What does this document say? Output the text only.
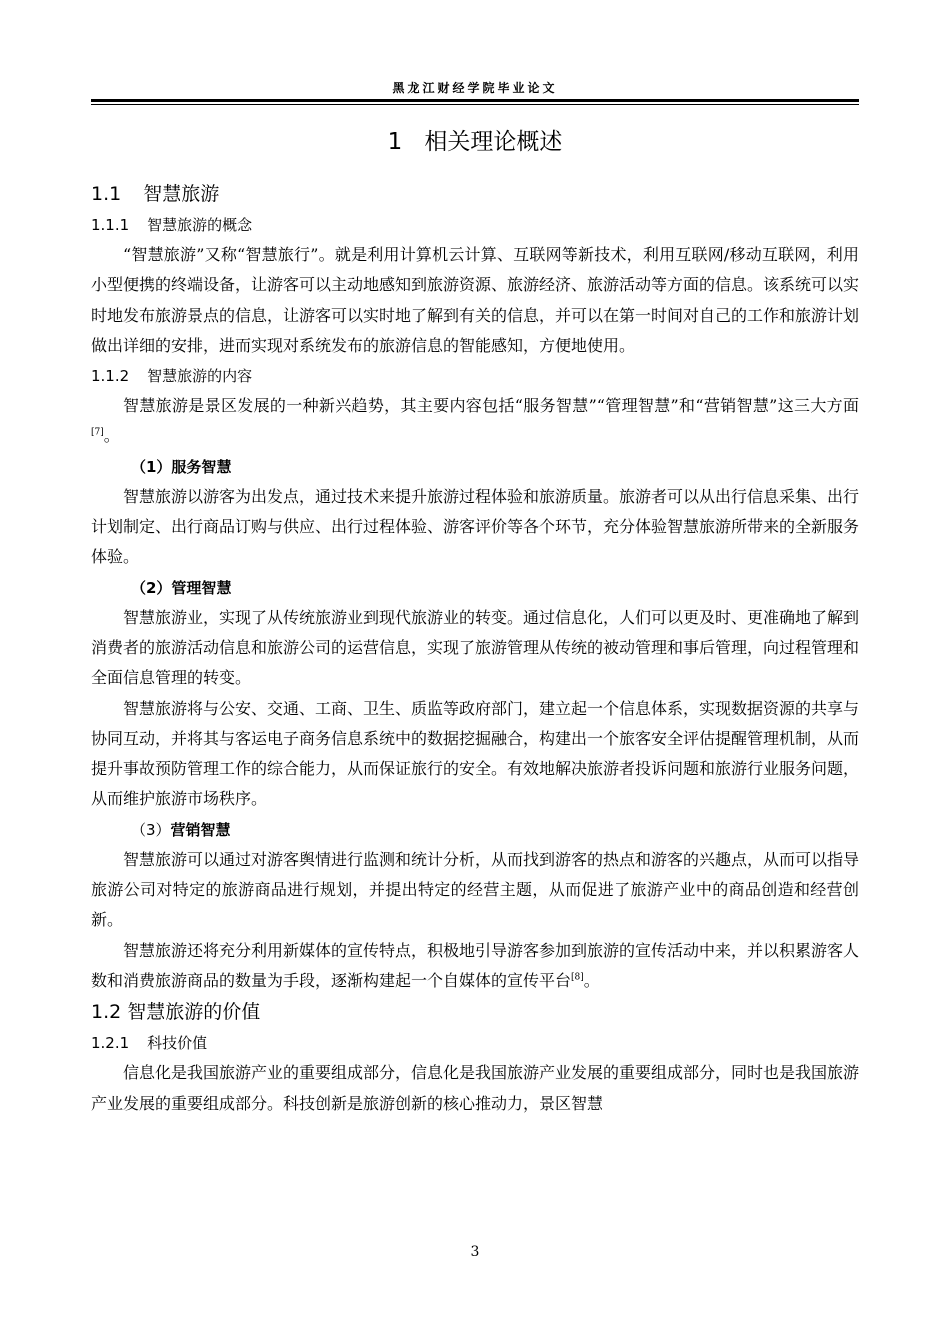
黑龙江财经学院毕业论文
1 相关理论概述
1.1 智慧旅游
1.1.1 智慧旅游的概念

“智慧旅游”又称“智慧旅行”。就是利用计算机云计算、互联网等新技术，利用互联网/移动互联网，利用小型便携的终端设备，让游客可以主动地感知到旅游资源、旅游经济、旅游活动等方面的信息。该系统可以实时地发布旅游景点的信息，让游客可以实时地了解到有关的信息，并可以在第一时间对自己的工作和旅游计划做出详细的安排，进而实现对系统发布的旅游信息的智能感知，方便地使用。

1.1.2 智慧旅游的内容

智慧旅游是景区发展的一种新兴趋势，其主要内容包括“服务智慧”“管理智慧”和“营销智慧”这三大方面[7]。

（1）服务智慧

智慧旅游以游客为出发点，通过技术来提升旅游过程体验和旅游质量。旅游者可以从出行信息采集、出行计划制定、出行商品订购与供应、出行过程体验、游客评价等各个环节，充分体验智慧旅游所带来的全新服务体验。

（2）管理智慧

智慧旅游业，实现了从传统旅游业到现代旅游业的转变。通过信息化，人们可以更及时、更准确地了解到消费者的旅游活动信息和旅游公司的运营信息，实现了旅游管理从传统的被动管理和事后管理，向过程管理和全面信息管理的转变。

智慧旅游将与公安、交通、工商、卫生、质监等政府部门，建立起一个信息体系，实现数据资源的共享与协同互动，并将其与客运电子商务信息系统中的数据挖掘融合，构建出一个旅客安全评估提醒管理机制，从而提升事故预防管理工作的综合能力，从而保证旅行的安全。有效地解决旅游者投诉问题和旅游行业服务问题，从而维护旅游市场秩序。

（3）营销智慧

智慧旅游可以通过对游客舆情进行监测和统计分析，从而找到游客的热点和游客的兴趣点，从而可以指导旅游公司对特定的旅游商品进行规划，并提出特定的经营主题，从而促进了旅游产业中的商品创造和经营创新。

智慧旅游还将充分利用新媒体的宣传特点，积极地引导游客参加到旅游的宣传活动中来，并以积累游客人数和消费旅游商品的数量为手段，逐渐构建起一个自媒体的宣传平台[8]。

1.2 智慧旅游的价值
1.2.1 科技价值

信息化是我国旅游产业的重要组成部分，信息化是我国旅游产业发展的重要组成部分，同时也是我国旅游产业发展的重要组成部分。科技创新是旅游创新的核心推动力，景区智慧

3
